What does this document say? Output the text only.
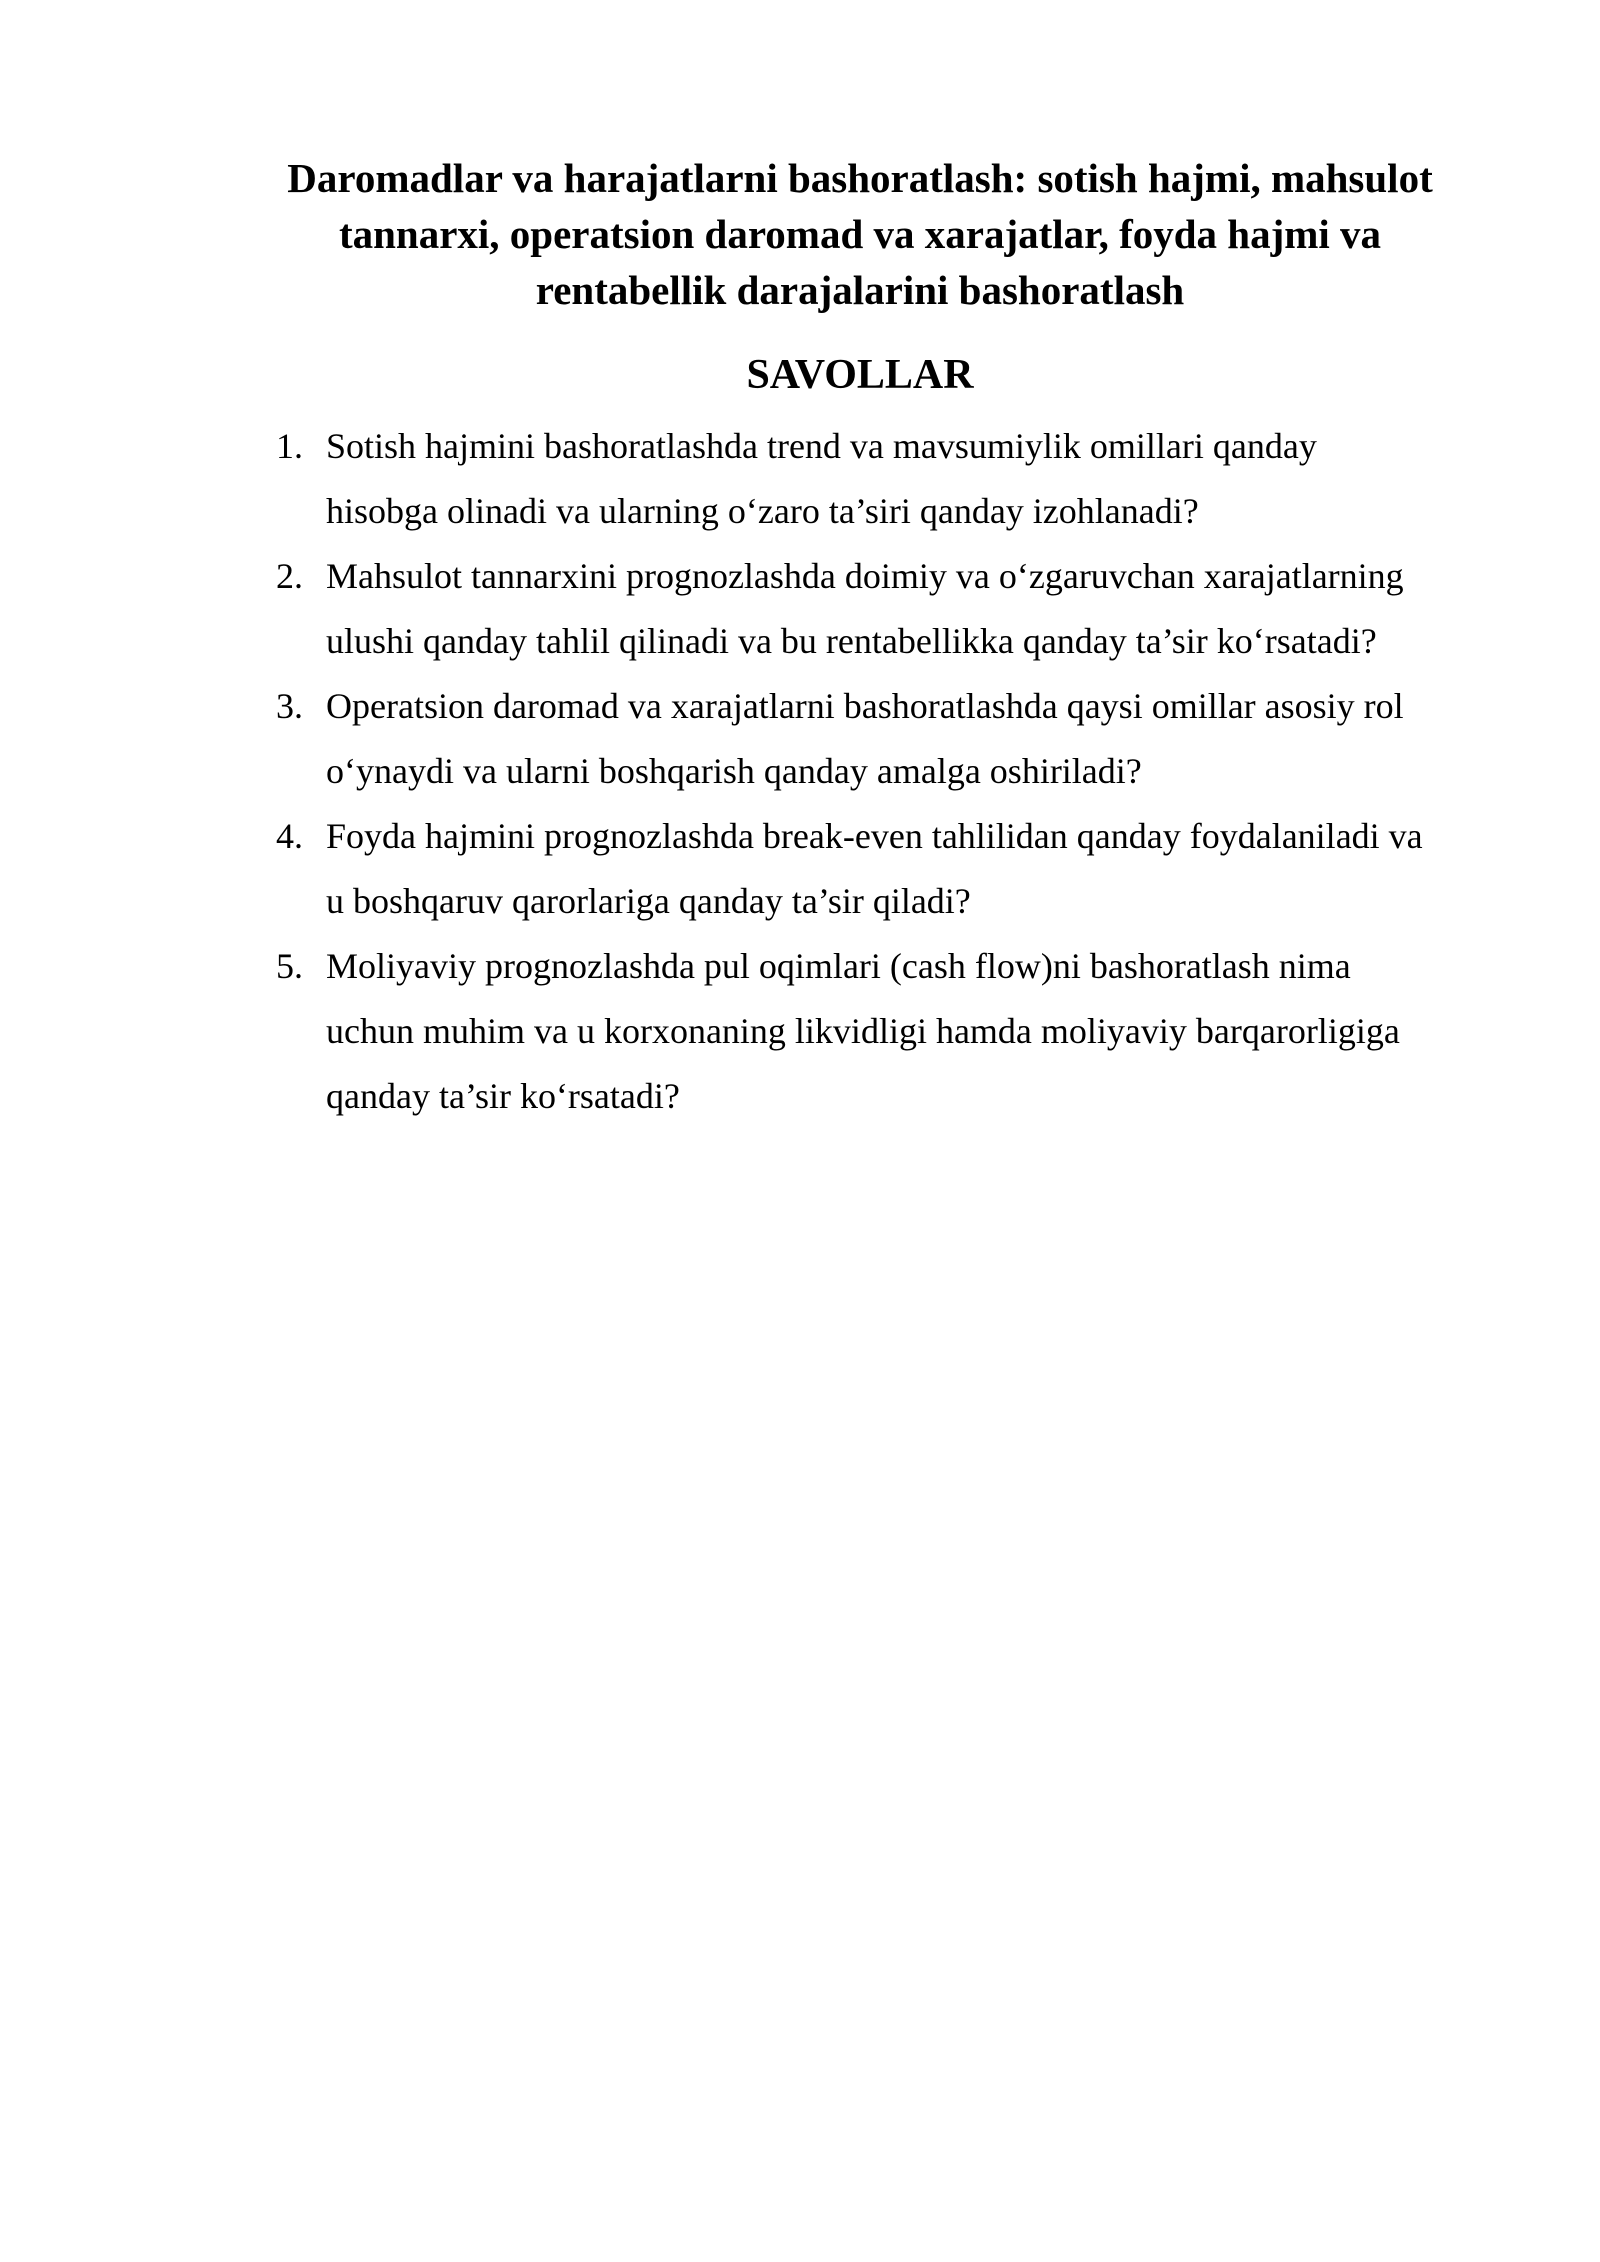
Daromadlar va harajatlarni bashoratlash: sotish hajmi, mahsulot
tannarxi, operatsion daromad va xarajatlar, foyda hajmi va
rentabellik darajalarini bashoratlash
SAVOLLAR
1. Sotish hajmini bashoratlashda trend va mavsumiylik omillari qanday
hisobga olinadi va ularning o‘zaro ta’siri qanday izohlanadi?
2. Mahsulot tannarxini prognozlashda doimiy va o‘zgaruvchan xarajatlarning
ulushi qanday tahlil qilinadi va bu rentabellikka qanday ta’sir ko‘rsatadi?
3. Operatsion daromad va xarajatlarni bashoratlashda qaysi omillar asosiy rol
o‘ynaydi va ularni boshqarish qanday amalga oshiriladi?
4. Foyda hajmini prognozlashda break-even tahlilidan qanday foydalaniladi va
u boshqaruv qarorlariga qanday ta’sir qiladi?
5. Moliyaviy prognozlashda pul oqimlari (cash flow)ni bashoratlash nima
uchun muhim va u korxonaning likvidligi hamda moliyaviy barqarorligiga
qanday ta’sir ko‘rsatadi?
